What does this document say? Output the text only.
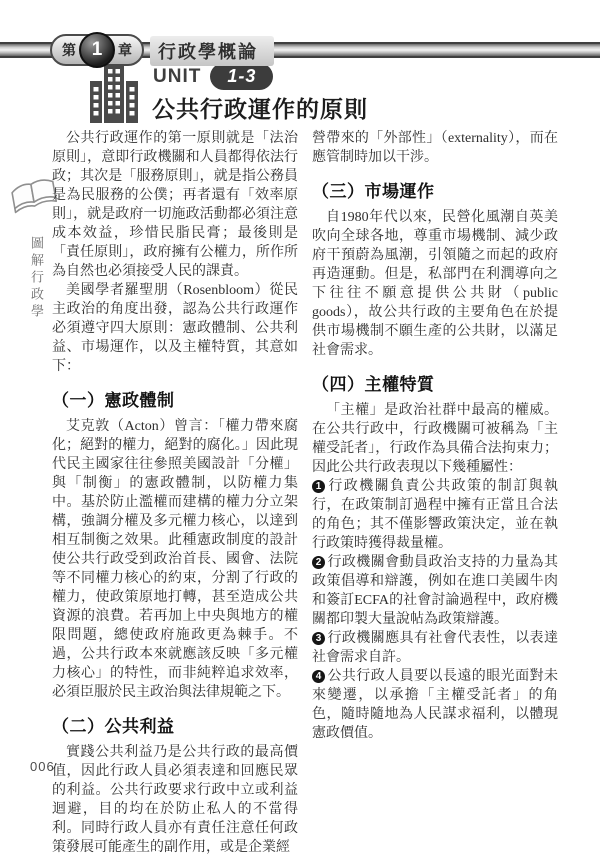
第 1	章	行政學概論
UNIT	1-3
公共行政運作的原則
圖解行政學

公共行政運作的第一原則就是「法治原則」，意即行政機關和人員都得依法行政；其次是「服務原則」，就是指公務員是為民服務的公僕；再者還有「效率原則」，就是政府一切施政活動都必須注意成本效益，珍惜民脂民膏；最後則是「責任原則」，政府擁有公權力，所作所為自然也必須接受人民的課責。

美國學者羅聖朋（Rosenbloom）從民主政治的角度出發，認為公共行政運作必須遵守四大原則：憲政體制、公共利益、市場運作，以及主權特質，其意如下：

（一）憲政體制

艾克敦（Acton）曾言：「權力帶來腐化；絕對的權力，絕對的腐化。」因此現代民主國家往往參照美國設計「分權」與「制衡」的憲政體制，以防權力集中。基於防止濫權而建構的權力分立架構，強調分權及多元權力核心，以達到相互制衡之效果。此種憲政制度的設計使公共行政受到政治首長、國會、法院等不同權力核心的約束，分割了行政的權力，使政策原地打轉，甚至造成公共資源的浪費。若再加上中央與地方的權限問題，總使政府施政更為棘手。不過，公共行政本來就應該反映「多元權力核心」的特性，而非純粹追求效率，必須臣服於民主政治與法律規範之下。

（二）公共利益

實踐公共利益乃是公共行政的最高價值，因此行政人員必須表達和回應民眾的利益。公共行政要求行政中立或利益迴避，目的均在於防止私人的不當得利。同時行政人員亦有責任注意任何政策發展可能產生的副作用，或是企業經

營帶來的「外部性」（externality），而在應管制時加以干涉。

（三）市場運作

自1980年代以來，民營化風潮自英美吹向全球各地，尊重市場機制、減少政府干預蔚為風潮，引領隨之而起的政府再造運動。但是，私部門在利潤導向之下往往不願意提供公共財（public goods），故公共行政的主要角色在於提供市場機制不願生產的公共財，以滿足社會需求。

（四）主權特質

「主權」是政治社群中最高的權威。在公共行政中，行政機關可被稱為「主權受託者」，行政作為具備合法拘束力；因此公共行政表現以下幾種屬性：

1 行政機關負責公共政策的制訂與執行，在政策制訂過程中擁有正當且合法的角色；其不僅影響政策決定，並在執行政策時獲得裁量權。

2 行政機關會動員政治支持的力量為其政策倡導和辯護，例如在進口美國牛肉和簽訂ECFA的社會討論過程中，政府機關都印製大量說帖為政策辯護。

3 行政機關應具有社會代表性，以表達社會需求自許。

4 公共行政人員要以長遠的眼光面對未來變遷，以承擔「主權受託者」的角色，隨時隨地為人民謀求福利，以體現憲政價值。

006
